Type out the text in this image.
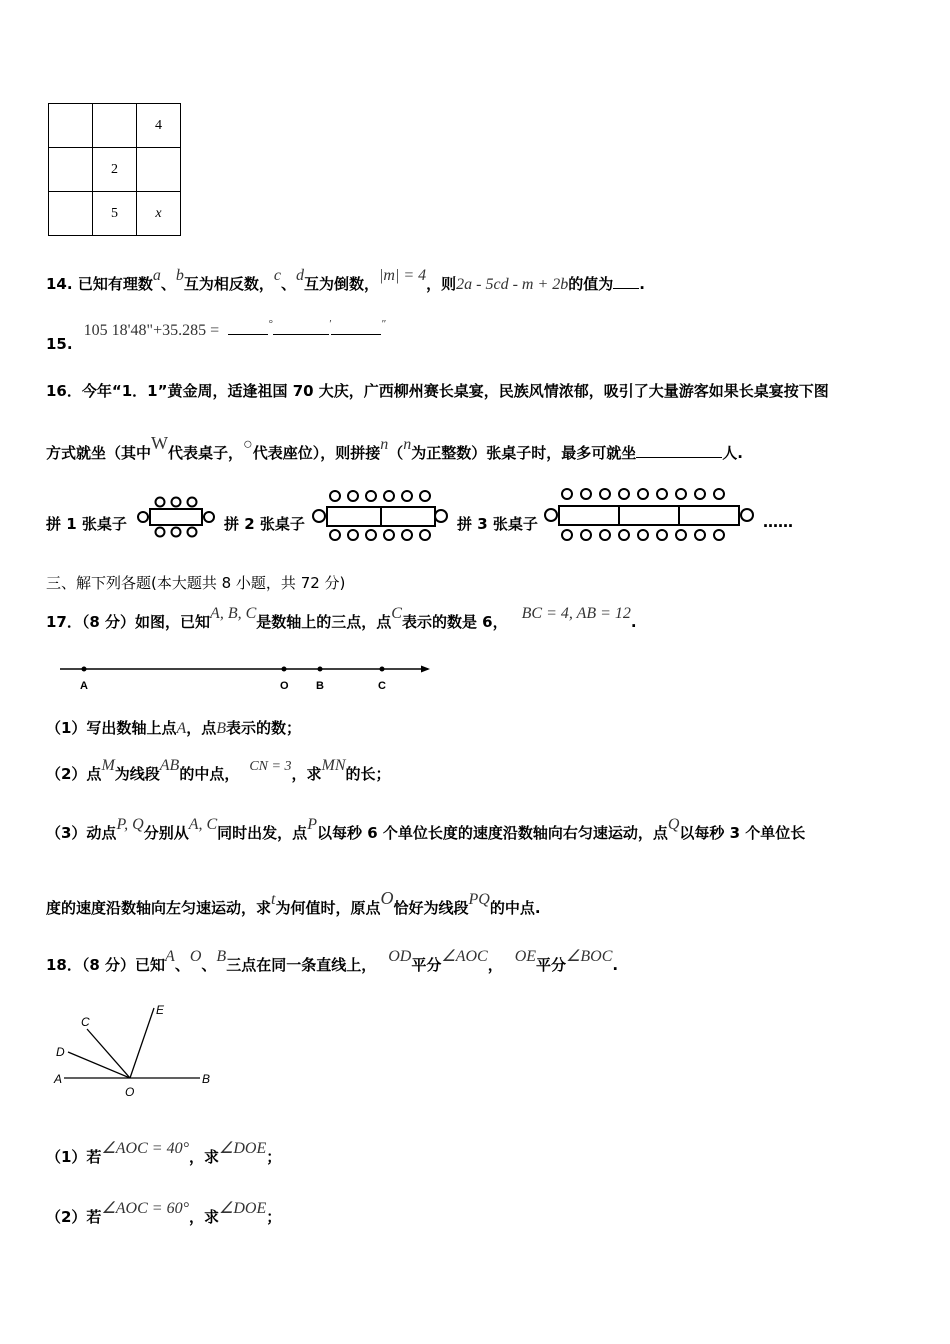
		4
	2	
	5	x
14. 已知有理数a、b互为相反数，c、d互为倒数，|m| = 4，则2a - 5cd - m + 2b的值为 .
15. 105 18'48"+35.285 =	°	′	″
16．今年“1．1”黄金周，适逢祖国 70 大庆，广西柳州赛长桌宴，民族风情浓郁，吸引了大量游客如果长桌宴按下图
方式就坐（其中W代表桌子，○代表座位），则拼接n（n为正整数）张桌子时，最多可就坐	人.
拼 1 张桌子	拼 2 张桌子	拼 3 张桌子	……
三、解下列各题(本大题共 8 小题，共 72 分)
17．（8 分）如图，已知A, B, C是数轴上的三点，点C表示的数是 6， BC = 4, AB = 12.
A	O B	C
（1）写出数轴上点A，点B表示的数；
（2）点M为线段AB的中点， CN = 3，求MN的长；
（3）动点P, Q分别从A, C同时出发，点P以每秒 6 个单位长度的速度沿数轴向右匀速运动，点Q以每秒 3 个单位长
度的速度沿数轴向左匀速运动，求t为何值时，原点O恰好为线段PQ的中点.
18．（8 分）已知A、O、B三点在同一条直线上， OD平分∠AOC， OE平分∠BOC.
C
E
D
A
O
B
（1）若∠AOC = 40°，求∠DOE；
（2）若∠AOC = 60°，求∠DOE；
